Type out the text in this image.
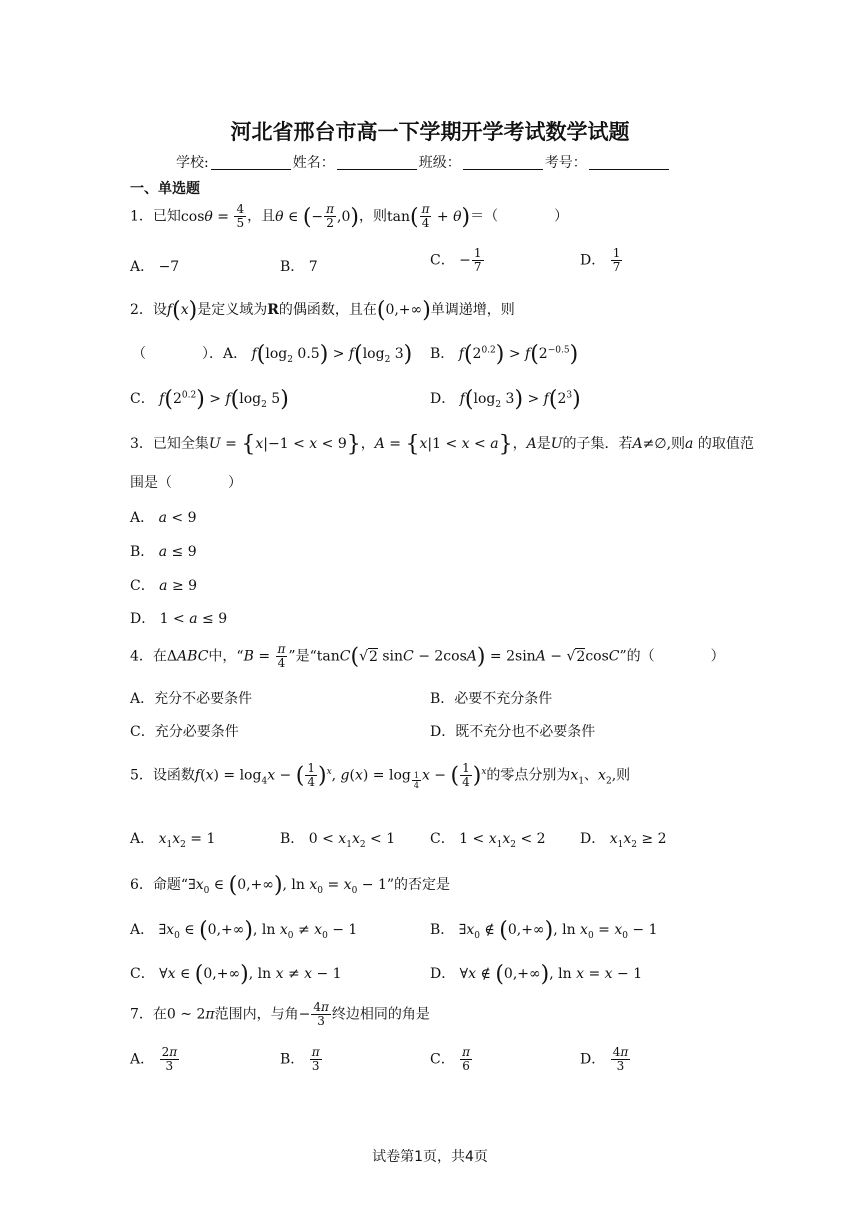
河北省邢台市高一下学期开学考试数学试题
学校:	姓名：	班级：	考号：
一、单选题
1．已知$\cos\theta = \frac{4}{5}$ ，且θ ∈ (− $\frac{\pi}{2} ,0$)，则$\tan( \frac{\pi}{4} + \theta)=$（　　　　）
A． −7	B． 7	C． − $\frac{1}{7}$	D． $\frac{1}{7}$
2．设f(x)是定义域为R的偶函数，且在(0,+∞)单调递增，则
（　　　　）．A． $f(\log_2$ $0.5) > f(\log_2$ 3) B． $f(2^{0.2}) > f(2^{-0.5})$
C． $f(2^{0.2}) > f(\log_2$ 5)	D． $f(\log_2$ $3) > f(2^3)$
3．已知全集U = {x|−1 < x < 9}，A = {x|1 < x < a}，A是U的子集．若A≠∅,则a 的取值范
围是（　　　　）
A． a < 9
B． a ≤ 9
C． a ≥ 9
D． 1 < a ≤ 9
4．在ΔABC中，“$B = \frac{\pi}{4}$ ”是“tanC(√2 sinC − 2cosA) = 2sinA − √2cosC”的（　　　　）
A．充分不必要条件	B．必要不充分条件
C．充分必要条件	D．既不充分也不必要条件
5．设函数$f(x) = \log_4x$ − ( $\frac{1}{4} )^x$, g(x) = log $_{\frac{1}{4}}$ x − ( $\frac{1}{4} )^x$的零点分别为$x_1$、$x_2$,则
A． $x_1x_2 = 1$	B． $0 < x_1x_2 < 1$ C． $1 < x_1x_2 < 2$ D． $x_1x_2 \ge 2$
6．命题“$\exists x_0$ ∈ (0,+∞), $\ln x_0 = x_0 - 1$”的否定是
A． $\exists x_0$ ∈ (0,+∞), $\ln x_0 \ne x_0 - 1$	B． $\exists x_0$ ∉ (0,+∞), $\ln x_0 = x_0 - 1$
C． ∀x ∈ (0,+∞), ln x ≠ x − 1	D． ∀x ∉ (0,+∞), ln x = x − 1
7．在0 ~ 2π范围内，与角− $\frac{4\pi}{3}$ 终边相同的角是
A． $\frac{2\pi}{3}$	B． $\frac{\pi}{3}$	C． $\frac{\pi}{6}$	D． $\frac{4\pi}{3}$
试卷第1页，共4页
